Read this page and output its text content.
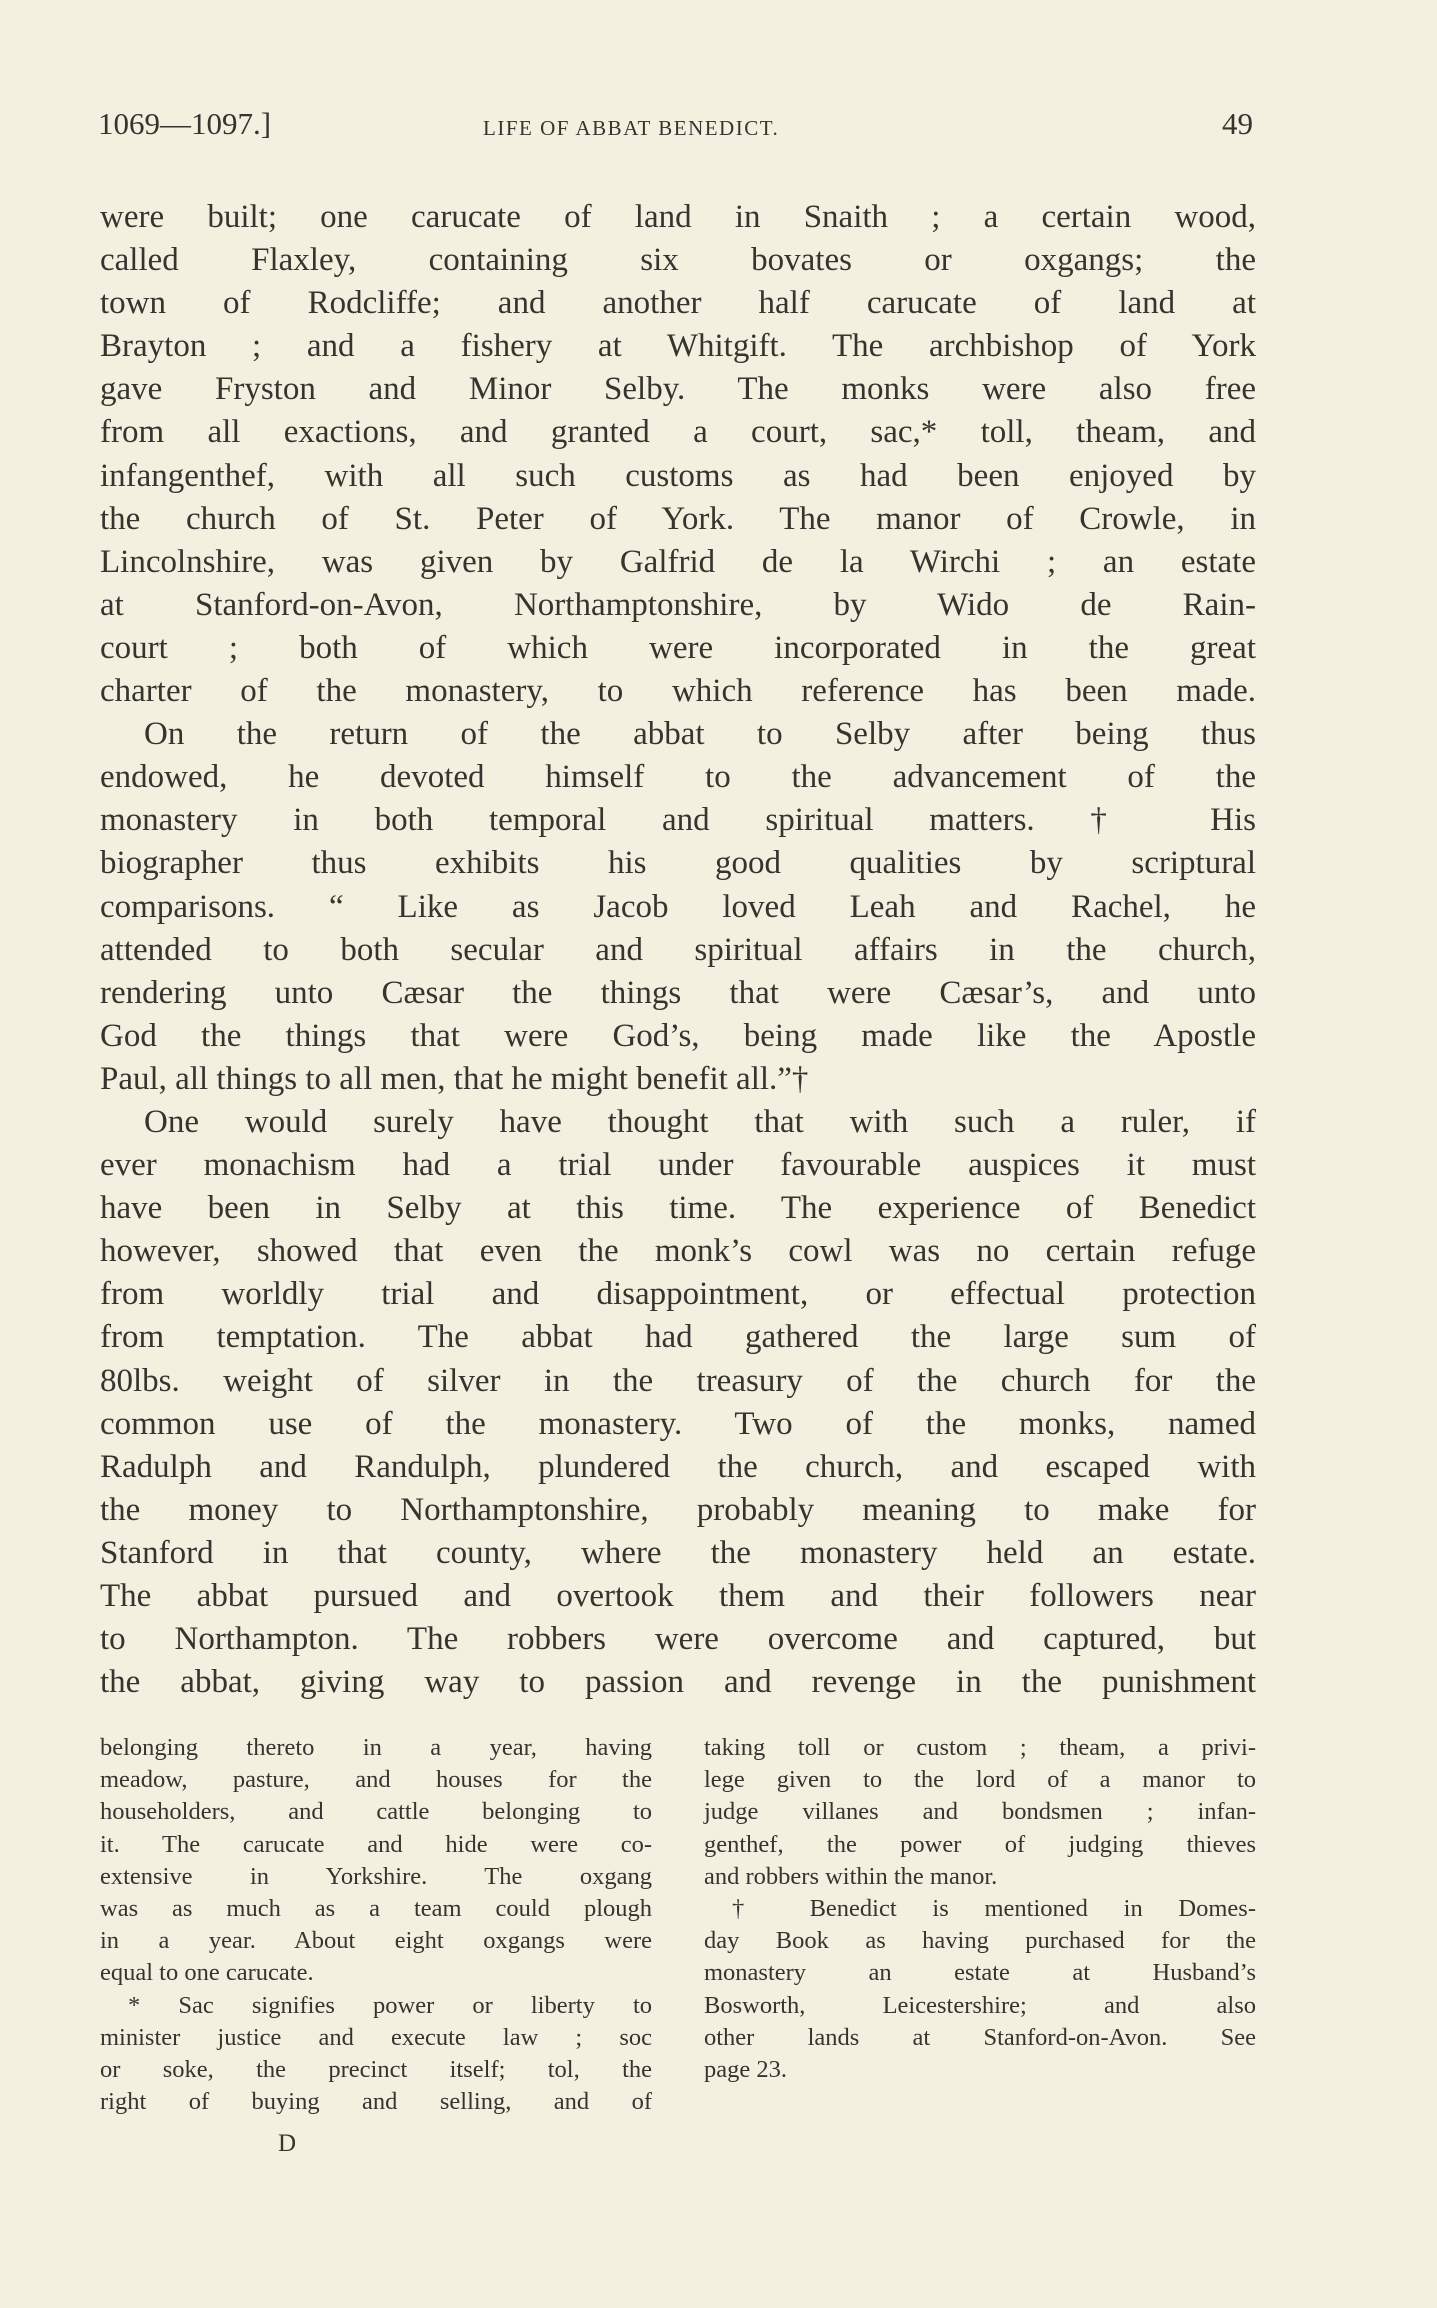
1069—1097.]	LIFE OF ABBAT BENEDICT.	49
were built; one carucate of land in Snaith ; a certain wood,
called Flaxley, containing six bovates or oxgangs; the
town of Rodcliffe; and another half carucate of land at
Brayton ; and a fishery at Whitgift. The archbishop of York
gave Fryston and Minor Selby. The monks were also free
from all exactions, and granted a court, sac,* toll, theam, and
infangenthef, with all such customs as had been enjoyed by
the church of St. Peter of York. The manor of Crowle, in
Lincolnshire, was given by Galfrid de la Wirchi ; an estate
at Stanford-on-Avon, Northamptonshire, by Wido de Rain-
court ; both of which were incorporated in the great
charter of the monastery, to which reference has been made.
On the return of the abbat to Selby after being thus
endowed, he devoted himself to the advancement of the
monastery in both temporal and spiritual matters. † His
biographer thus exhibits his good qualities by scriptural
comparisons. “ Like as Jacob loved Leah and Rachel, he
attended to both secular and spiritual affairs in the church,
rendering unto Cæsar the things that were Cæsar’s, and unto
God the things that were God’s, being made like the Apostle
Paul, all things to all men, that he might benefit all.”†
One would surely have thought that with such a ruler, if
ever monachism had a trial under favourable auspices it must
have been in Selby at this time. The experience of Benedict
however, showed that even the monk’s cowl was no certain refuge
from worldly trial and disappointment, or effectual protection
from temptation. The abbat had gathered the large sum of
80lbs. weight of silver in the treasury of the church for the
common use of the monastery. Two of the monks, named
Radulph and Randulph, plundered the church, and escaped with
the money to Northamptonshire, probably meaning to make for
Stanford in that county, where the monastery held an estate.
The abbat pursued and overtook them and their followers near
to Northampton. The robbers were overcome and captured, but
the abbat, giving way to passion and revenge in the punishment
belonging thereto in a year, having
meadow, pasture, and houses for the
householders, and cattle belonging to
it. The carucate and hide were co-
extensive in Yorkshire. The oxgang
was as much as a team could plough
in a year. About eight oxgangs were
equal to one carucate.
* Sac signifies power or liberty to
minister justice and execute law ; soc
or soke, the precinct itself; tol, the
right of buying and selling, and of
taking toll or custom ; theam, a privi-
lege given to the lord of a manor to
judge villanes and bondsmen ; infan-
genthef, the power of judging thieves
and robbers within the manor.
† Benedict is mentioned in Domes-
day Book as having purchased for the
monastery an estate at Husband’s
Bosworth, Leicestershire; and also
other lands at Stanford-on-Avon. See
page 23.
D
